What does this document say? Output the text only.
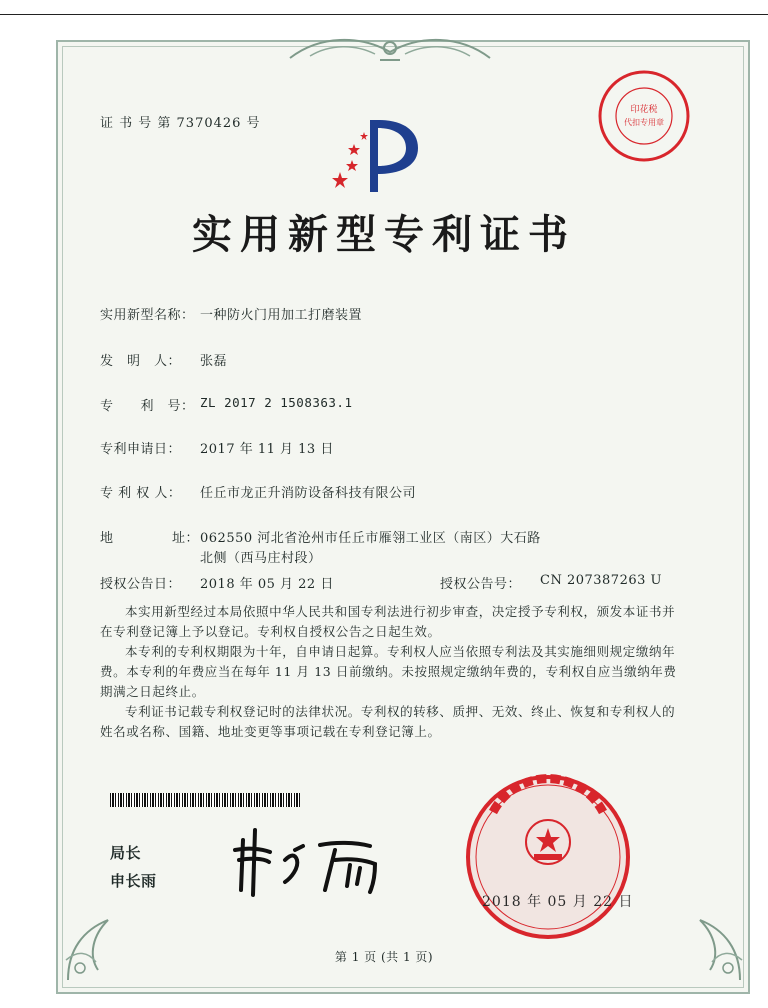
证 书 号 第 7370426 号
印花税
代扣专用章
实用新型专利证书
实用新型名称： 一种防火门用加工打磨装置
发　明　人： 张磊
专　　利　号： ZL 2017 2 1508363.1
专利申请日： 2017 年 11 月 13 日
专 利 权 人： 任丘市龙正升消防设备科技有限公司
地	址： 062550 河北省沧州市任丘市雁翎工业区（南区）大石路
北侧（西马庄村段）
授权公告日： 2018 年 05 月 22 日	授权公告号： CN 207387263 U

本实用新型经过本局依照中华人民共和国专利法进行初步审查，决定授予专利权，颁发本证书并在专利登记簿上予以登记。专利权自授权公告之日起生效。

本专利的专利权期限为十年，自申请日起算。专利权人应当依照专利法及其实施细则规定缴纳年费。本专利的年费应当在每年 11 月 13 日前缴纳。未按照规定缴纳年费的，专利权自应当缴纳年费期满之日起终止。

专利证书记载专利权登记时的法律状况。专利权的转移、质押、无效、终止、恢复和专利权人的姓名或名称、国籍、地址变更等事项记载在专利登记簿上。

局长
申长雨
2018 年 05 月 22 日
第 1 页 (共 1 页)
